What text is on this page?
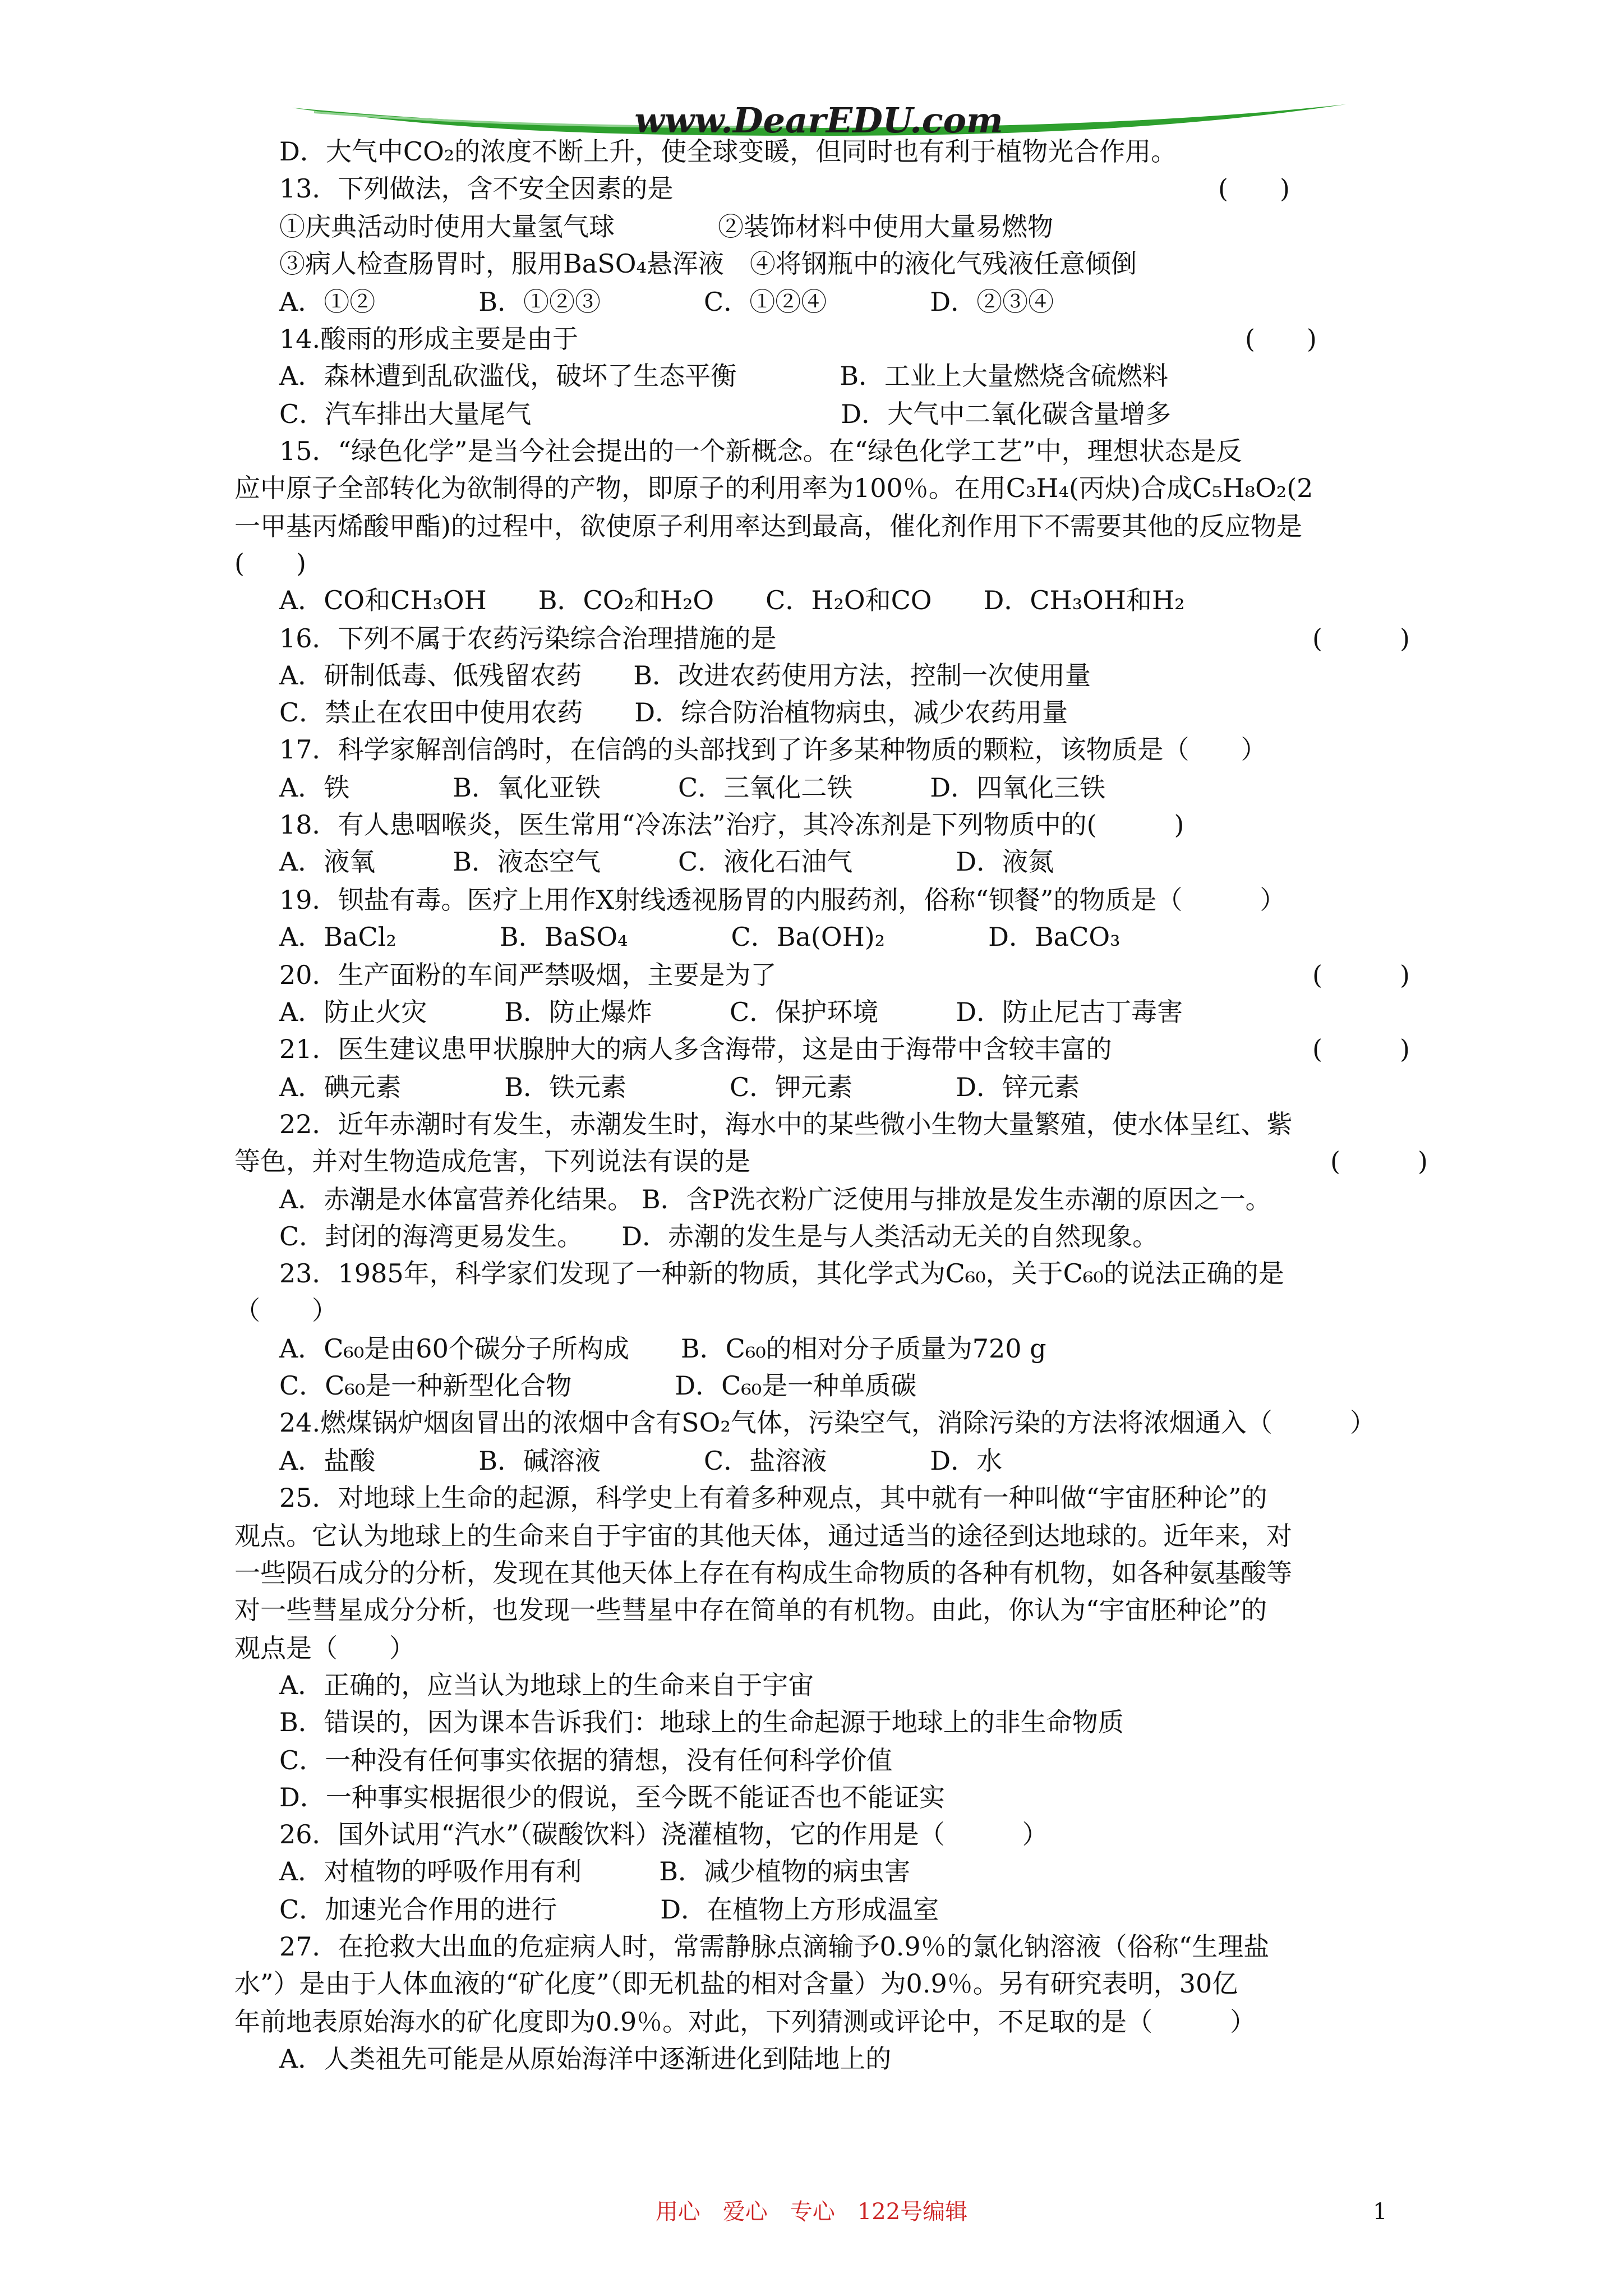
www.DearEDU.com
D．大气中CO₂的浓度不断上升，使全球变暖，但同时也有利于植物光合作用。
13．下列做法，含不安全因素的是	(　　)
①庆典活动时使用大量氢气球　　　　②装饰材料中使用大量易燃物
③病人检查肠胃时，服用BaSO₄悬浑液　④将钢瓶中的液化气残液任意倾倒
A．①②　　　　B．①②③　　　　C．①②④　　　　D．②③④
14.酸雨的形成主要是由于	(　　)
A．森林遭到乱砍滥伐，破坏了生态平衡　　　　B．工业上大量燃烧含硫燃料
C．汽车排出大量尾气　　　　　　　　　　　　D．大气中二氧化碳含量增多
15．“绿色化学”是当今社会提出的一个新概念。在“绿色化学工艺”中，理想状态是反
应中原子全部转化为欲制得的产物，即原子的利用率为100％。在用C₃H₄(丙炔)合成C₅H₈O₂(2
一甲基丙烯酸甲酯)的过程中，欲使原子利用率达到最高，催化剂作用下不需要其他的反应物是
(　　)
A．CO和CH₃OH　　B．CO₂和H₂O　　C．H₂O和CO　　D．CH₃OH和H₂
16．下列不属于农药污染综合治理措施的是	(　　　)
A．研制低毒、低残留农药　　B．改进农药使用方法，控制一次使用量
C．禁止在农田中使用农药　　D．综合防治植物病虫，减少农药用量
17．科学家解剖信鸽时，在信鸽的头部找到了许多某种物质的颗粒，该物质是（　　）
A．铁　　　　B．氧化亚铁　　　C．三氧化二铁　　　D．四氧化三铁
18．有人患咽喉炎，医生常用“冷冻法”治疗，其冷冻剂是下列物质中的(　　　)
A．液氧　　　B．液态空气　　　C．液化石油气　　　　D．液氮
19．钡盐有毒。医疗上用作X射线透视肠胃的内服药剂，俗称“钡餐”的物质是（　　　）
A．BaCl₂　　　　B．BaSO₄　　　　C．Ba(OH)₂　　　　D．BaCO₃
20．生产面粉的车间严禁吸烟，主要是为了	(　　　)
A．防止火灾　　　B．防止爆炸　　　C．保护环境　　　D．防止尼古丁毒害
21．医生建议患甲状腺肿大的病人多含海带，这是由于海带中含较丰富的	(　　　)
A．碘元素　　　　B．铁元素　　　　C．钾元素　　　　D．锌元素
22．近年赤潮时有发生，赤潮发生时，海水中的某些微小生物大量繁殖，使水体呈红、紫
等色，并对生物造成危害，下列说法有误的是	(　　　)
A．赤潮是水体富营养化结果。 B．含P洗衣粉广泛使用与排放是发生赤潮的原因之一。
C．封闭的海湾更易发生。　　D．赤潮的发生是与人类活动无关的自然现象。
23．1985年，科学家们发现了一种新的物质，其化学式为C₆₀，关于C₆₀的说法正确的是
（　　）
A．C₆₀是由60个碳分子所构成　　B．C₆₀的相对分子质量为720 g
C．C₆₀是一种新型化合物　　　　D．C₆₀是一种单质碳
24.燃煤锅炉烟囱冒出的浓烟中含有SO₂气体，污染空气，消除污染的方法将浓烟通入（　　　）
A．盐酸　　　　B．碱溶液　　　　C．盐溶液　　　　D．水
25．对地球上生命的起源，科学史上有着多种观点，其中就有一种叫做“宇宙胚种论”的
观点。它认为地球上的生命来自于宇宙的其他天体，通过适当的途径到达地球的。近年来，对
一些陨石成分的分析，发现在其他天体上存在有构成生命物质的各种有机物，如各种氨基酸等
对一些彗星成分分析，也发现一些彗星中存在简单的有机物。由此，你认为“宇宙胚种论”的
观点是（　　）
A．正确的，应当认为地球上的生命来自于宇宙
B．错误的，因为课本告诉我们：地球上的生命起源于地球上的非生命物质
C．一种没有任何事实依据的猜想，没有任何科学价值
D．一种事实根据很少的假说，至今既不能证否也不能证实
26．国外试用“汽水”（碳酸饮料）浇灌植物，它的作用是（　　　）
A．对植物的呼吸作用有利　　　B．减少植物的病虫害
C．加速光合作用的进行　　　　D．在植物上方形成温室
27．在抢救大出血的危症病人时，常需静脉点滴输予0.9％的氯化钠溶液（俗称“生理盐
水”）是由于人体血液的“矿化度”（即无机盐的相对含量）为0.9％。另有研究表明，30亿
年前地表原始海水的矿化度即为0.9％。对此，下列猜测或评论中，不足取的是（　　　）
A．人类祖先可能是从原始海洋中逐渐进化到陆地上的
用心　爱心　专心　122号编辑	1
